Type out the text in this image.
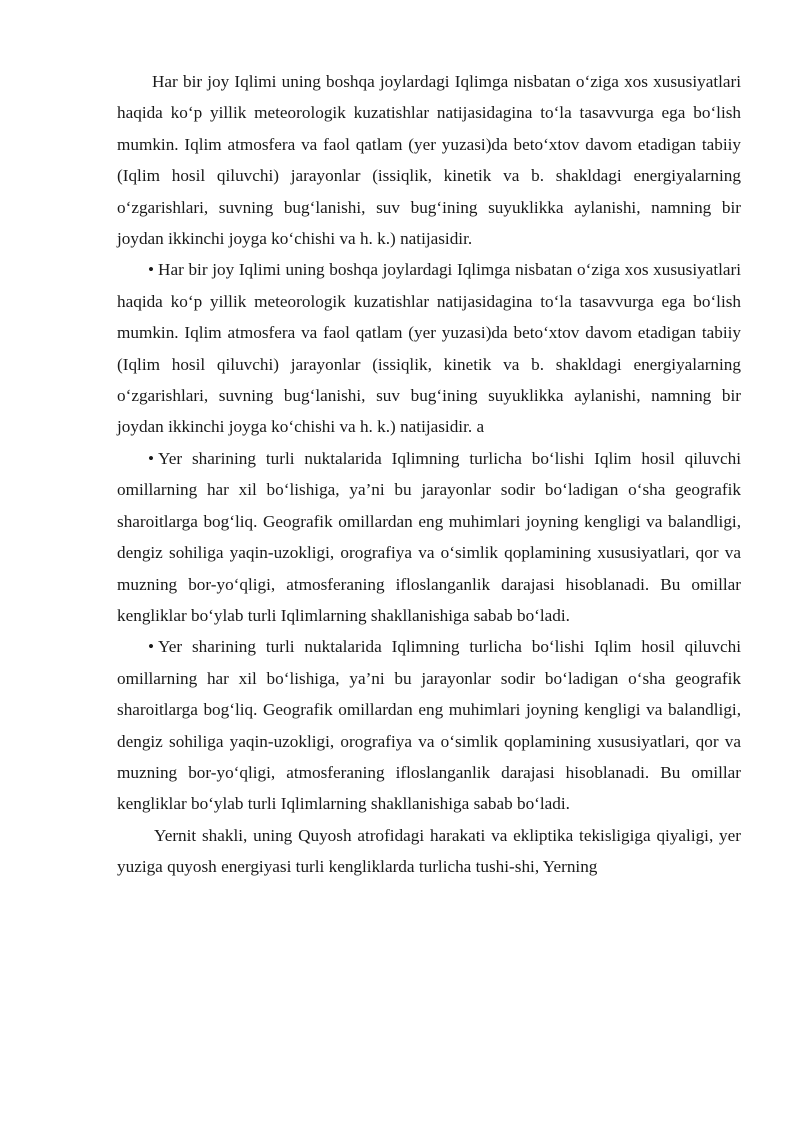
Har bir joy Iqlimi uning boshqa joylardagi Iqlimga nisbatan o‘ziga xos xususiyatlari haqida ko‘p yillik meteorologik kuzatishlar natijasidagina to‘la tasavvurga ega bo‘lish mumkin. Iqlim atmosfera va faol qatlam (yer yuzasi)da beto‘xtov davom etadigan tabiiy (Iqlim hosil qiluvchi) jarayonlar (issiqlik, kinetik va b. shakldagi energiyalarning o‘zgarishlari, suvning bug‘lanishi, suv bug‘ining suyuklikka aylanishi, namning bir joydan ikkinchi joyga ko‘chishi va h. k.) natijasidir.

• Har bir joy Iqlimi uning boshqa joylardagi Iqlimga nisbatan o‘ziga xos xususiyatlari haqida ko‘p yillik meteorologik kuzatishlar natijasidagina to‘la tasavvurga ega bo‘lish mumkin. Iqlim atmosfera va faol qatlam (yer yuzasi)da beto‘xtov davom etadigan tabiiy (Iqlim hosil qiluvchi) jarayonlar (issiqlik, kinetik va b. shakldagi energiyalarning o‘zgarishlari, suvning bug‘lanishi, suv bug‘ining suyuklikka aylanishi, namning bir joydan ikkinchi joyga ko‘chishi va h. k.) natijasidir. a

• Yer sharining turli nuktalarida Iqlimning turlicha bo‘lishi Iqlim hosil qiluvchi omillarning har xil bo‘lishiga, ya’ni bu jarayonlar sodir bo‘ladigan o‘sha geografik sharoitlarga bog‘liq. Geografik omillardan eng muhimlari joyning kengligi va balandligi, dengiz sohiliga yaqin-uzokligi, orografiya va o‘simlik qoplamining xususiyatlari, qor va muzning bor-yo‘qligi, atmosferaning ifloslanganlik darajasi hisoblanadi. Bu omillar kengliklar bo‘ylab turli Iqlimlarning shakllanishiga sabab bo‘ladi.

• Yer sharining turli nuktalarida Iqlimning turlicha bo‘lishi Iqlim hosil qiluvchi omillarning har xil bo‘lishiga, ya’ni bu jarayonlar sodir bo‘ladigan o‘sha geografik sharoitlarga bog‘liq. Geografik omillardan eng muhimlari joyning kengligi va balandligi, dengiz sohiliga yaqin-uzokligi, orografiya va o‘simlik qoplamining xususiyatlari, qor va muzning bor-yo‘qligi, atmosferaning ifloslanganlik darajasi hisoblanadi. Bu omillar kengliklar bo‘ylab turli Iqlimlarning shakllanishiga sabab bo‘ladi.

Yernit shakli, uning Quyosh atrofidagi harakati va ekliptika tekisligiga qiyaligi, yer yuziga quyosh energiyasi turli kengliklarda turlicha tushi-shi, Yerning
